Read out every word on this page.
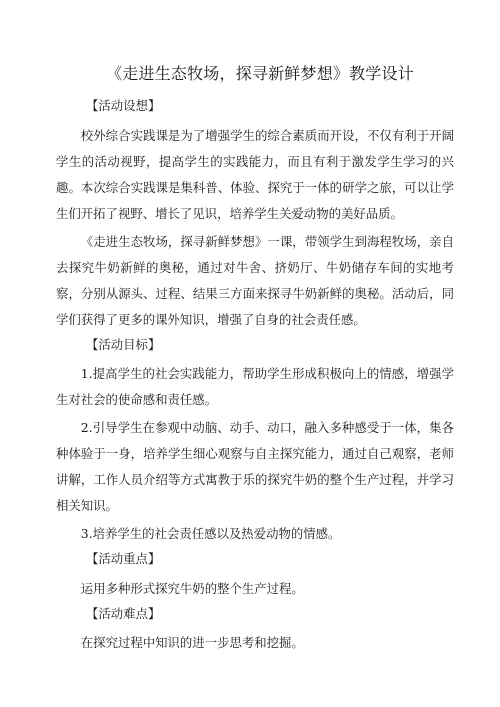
《走进生态牧场，探寻新鲜梦想》教学设计

【活动设想】

校外综合实践课是为了增强学生的综合素质而开设，不仅有利于开阔学生的活动视野，提高学生的实践能力，而且有利于激发学生学习的兴趣。本次综合实践课是集科普、体验、探究于一体的研学之旅，可以让学生们开拓了视野、增长了见识，培养学生关爱动物的美好品质。

《走进生态牧场，探寻新鲜梦想》一课，带领学生到海程牧场，亲自去探究牛奶新鲜的奥秘，通过对牛舍、挤奶厅、牛奶储存车间的实地考察，分别从源头、过程、结果三方面来探寻牛奶新鲜的奥秘。活动后，同学们获得了更多的课外知识，增强了自身的社会责任感。

【活动目标】

1.提高学生的社会实践能力，帮助学生形成积极向上的情感，增强学生对社会的使命感和责任感。

2.引导学生在参观中动脑、动手、动口，融入多种感受于一体，集各种体验于一身，培养学生细心观察与自主探究能力，通过自己观察，老师讲解，工作人员介绍等方式寓教于乐的探究牛奶的整个生产过程，并学习相关知识。

3.培养学生的社会责任感以及热爱动物的情感。

【活动重点】

运用多种形式探究牛奶的整个生产过程。

【活动难点】

在探究过程中知识的进一步思考和挖掘。
